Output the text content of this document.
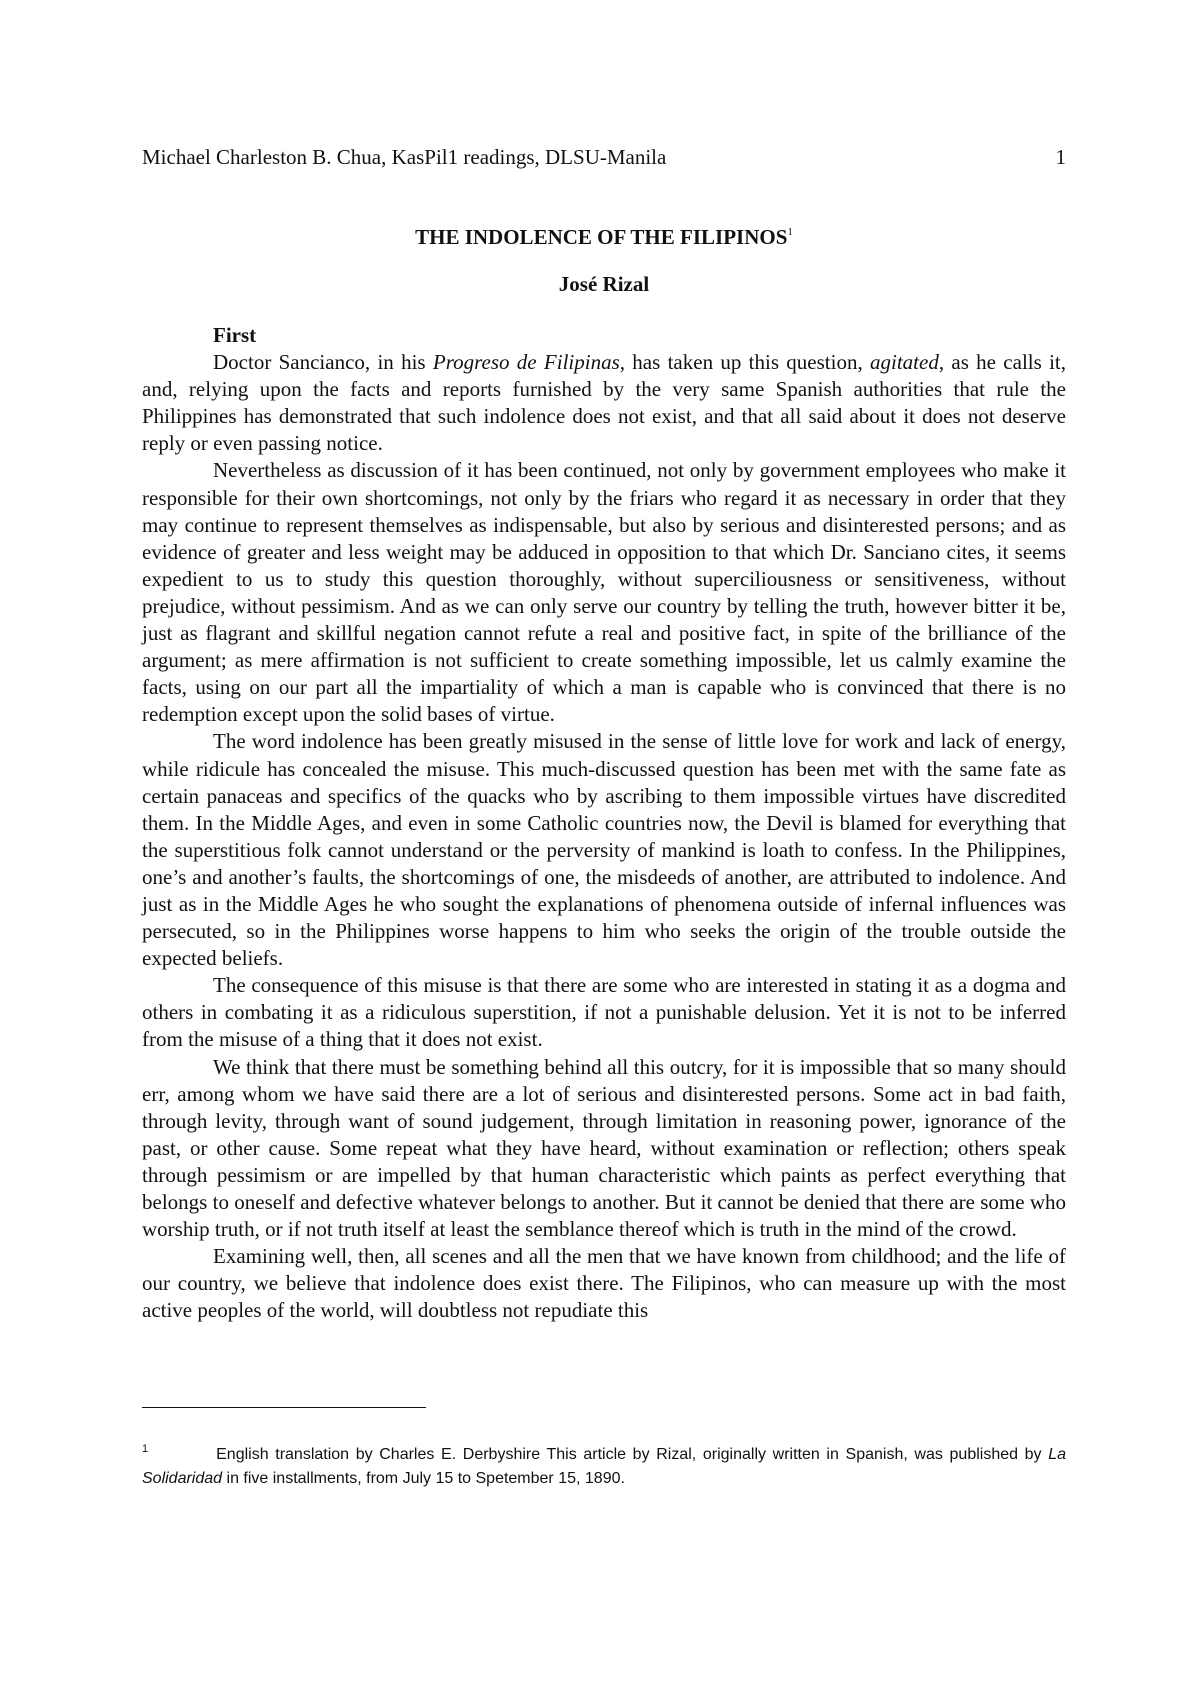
Michael Charleston B. Chua, KasPil1 readings, DLSU-Manila	1
THE INDOLENCE OF THE FILIPINOS$^1$
José Rizal
First

Doctor Sancianco, in his Progreso de Filipinas, has taken up this question, agitated, as he calls it, and, relying upon the facts and reports furnished by the very same Spanish authorities that rule the Philippines has demonstrated that such indolence does not exist, and that all said about it does not deserve reply or even passing notice.

Nevertheless as discussion of it has been continued, not only by government employees who make it responsible for their own shortcomings, not only by the friars who regard it as necessary in order that they may continue to represent themselves as indispensable, but also by serious and disinterested persons; and as evidence of greater and less weight may be adduced in opposition to that which Dr. Sanciano cites, it seems expedient to us to study this question thoroughly, without superciliousness or sensitiveness, without prejudice, without pessimism. And as we can only serve our country by telling the truth, however bitter it be, just as flagrant and skillful negation cannot refute a real and positive fact, in spite of the brilliance of the argument; as mere affirmation is not sufficient to create something impossible, let us calmly examine the facts, using on our part all the impartiality of which a man is capable who is convinced that there is no redemption except upon the solid bases of virtue.

The word indolence has been greatly misused in the sense of little love for work and lack of energy, while ridicule has concealed the misuse. This much-discussed question has been met with the same fate as certain panaceas and specifics of the quacks who by ascribing to them impossible virtues have discredited them. In the Middle Ages, and even in some Catholic countries now, the Devil is blamed for everything that the superstitious folk cannot understand or the perversity of mankind is loath to confess. In the Philippines, one’s and another’s faults, the shortcomings of one, the misdeeds of another, are attributed to indolence. And just as in the Middle Ages he who sought the explanations of phenomena outside of infernal influences was persecuted, so in the Philippines worse happens to him who seeks the origin of the trouble outside the expected beliefs.

The consequence of this misuse is that there are some who are interested in stating it as a dogma and others in combating it as a ridiculous superstition, if not a punishable delusion. Yet it is not to be inferred from the misuse of a thing that it does not exist.

We think that there must be something behind all this outcry, for it is impossible that so many should err, among whom we have said there are a lot of serious and disinterested persons. Some act in bad faith, through levity, through want of sound judgement, through limitation in reasoning power, ignorance of the past, or other cause. Some repeat what they have heard, without examination or reflection; others speak through pessimism or are impelled by that human characteristic which paints as perfect everything that belongs to oneself and defective whatever belongs to another. But it cannot be denied that there are some who worship truth, or if not truth itself at least the semblance thereof which is truth in the mind of the crowd.

Examining well, then, all scenes and all the men that we have known from childhood; and the life of our country, we believe that indolence does exist there. The Filipinos, who can measure up with the most active peoples of the world, will doubtless not repudiate this

$^1$	English translation by Charles E. Derbyshire This article by Rizal, originally written in Spanish, was published by La Solidaridad in five installments, from July 15 to Spetember 15, 1890.
